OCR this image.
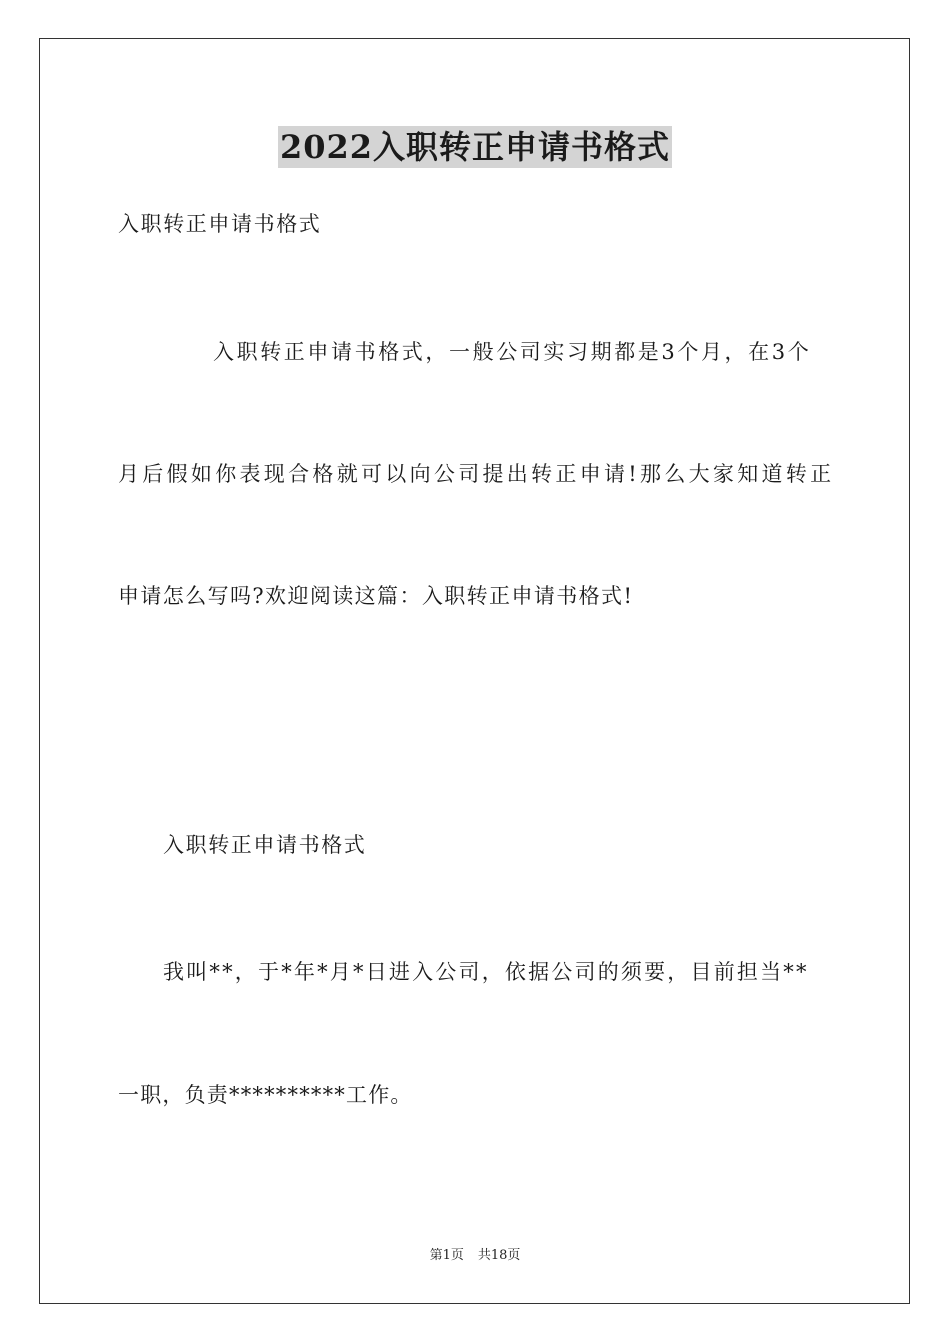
2022入职转正申请书格式
入职转正申请书格式
入职转正申请书格式，一般公司实习期都是3个月，在3个
月后假如你表现合格就可以向公司提出转正申请!那么大家知道转正
申请怎么写吗?欢迎阅读这篇：入职转正申请书格式!
入职转正申请书格式
我叫**，于*年*月*日进入公司，依据公司的须要，目前担当**
一职，负责**********工作。
第1页 共18页
